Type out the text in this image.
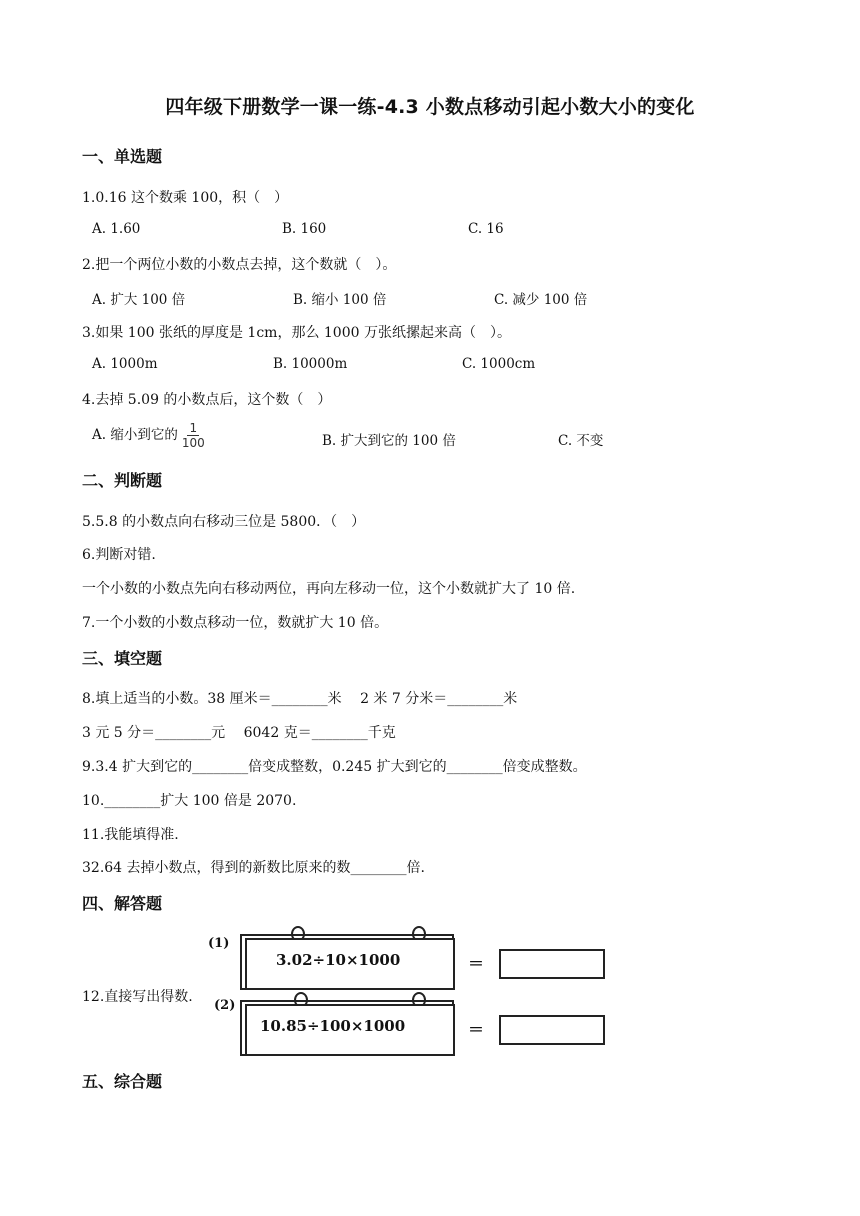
四年级下册数学一课一练-4.3 小数点移动引起小数大小的变化
一、单选题
1.0.16 这个数乘 100，积（　）
A. 1.60	B. 160	C. 16
2.把一个两位小数的小数点去掉，这个数就（　）。
A. 扩大 100 倍	B. 缩小 100 倍	C. 减少 100 倍
3.如果 100 张纸的厚度是 1cm，那么 1000 万张纸摞起来高（　）。
A. 1000m	B. 10000m	C. 1000cm
4.去掉 5.09 的小数点后，这个数（　）
A. 缩小到它的 $\frac{1}{100}$	B. 扩大到它的 100 倍	C. 不变
二、判断题
5.5.8 的小数点向右移动三位是 5800．（　）
6.判断对错.
一个小数的小数点先向右移动两位，再向左移动一位，这个小数就扩大了 10 倍.
7.一个小数的小数点移动一位，数就扩大 10 倍。
三、填空题
8.填上适当的小数。38 厘米＝________米　 2 米 7 分米＝________米
3 元 5 分＝________元　 6042 克＝________千克
9.3.4 扩大到它的________倍变成整数，0.245 扩大到它的________倍变成整数。
10.________扩大 100 倍是 2070.
11.我能填得准.
32.64 去掉小数点，得到的新数比原来的数________倍.
四、解答题
12.直接写出得数.
(1)
3.02÷10×1000	＝
(2)
10.85÷100×1000	＝
五、综合题
